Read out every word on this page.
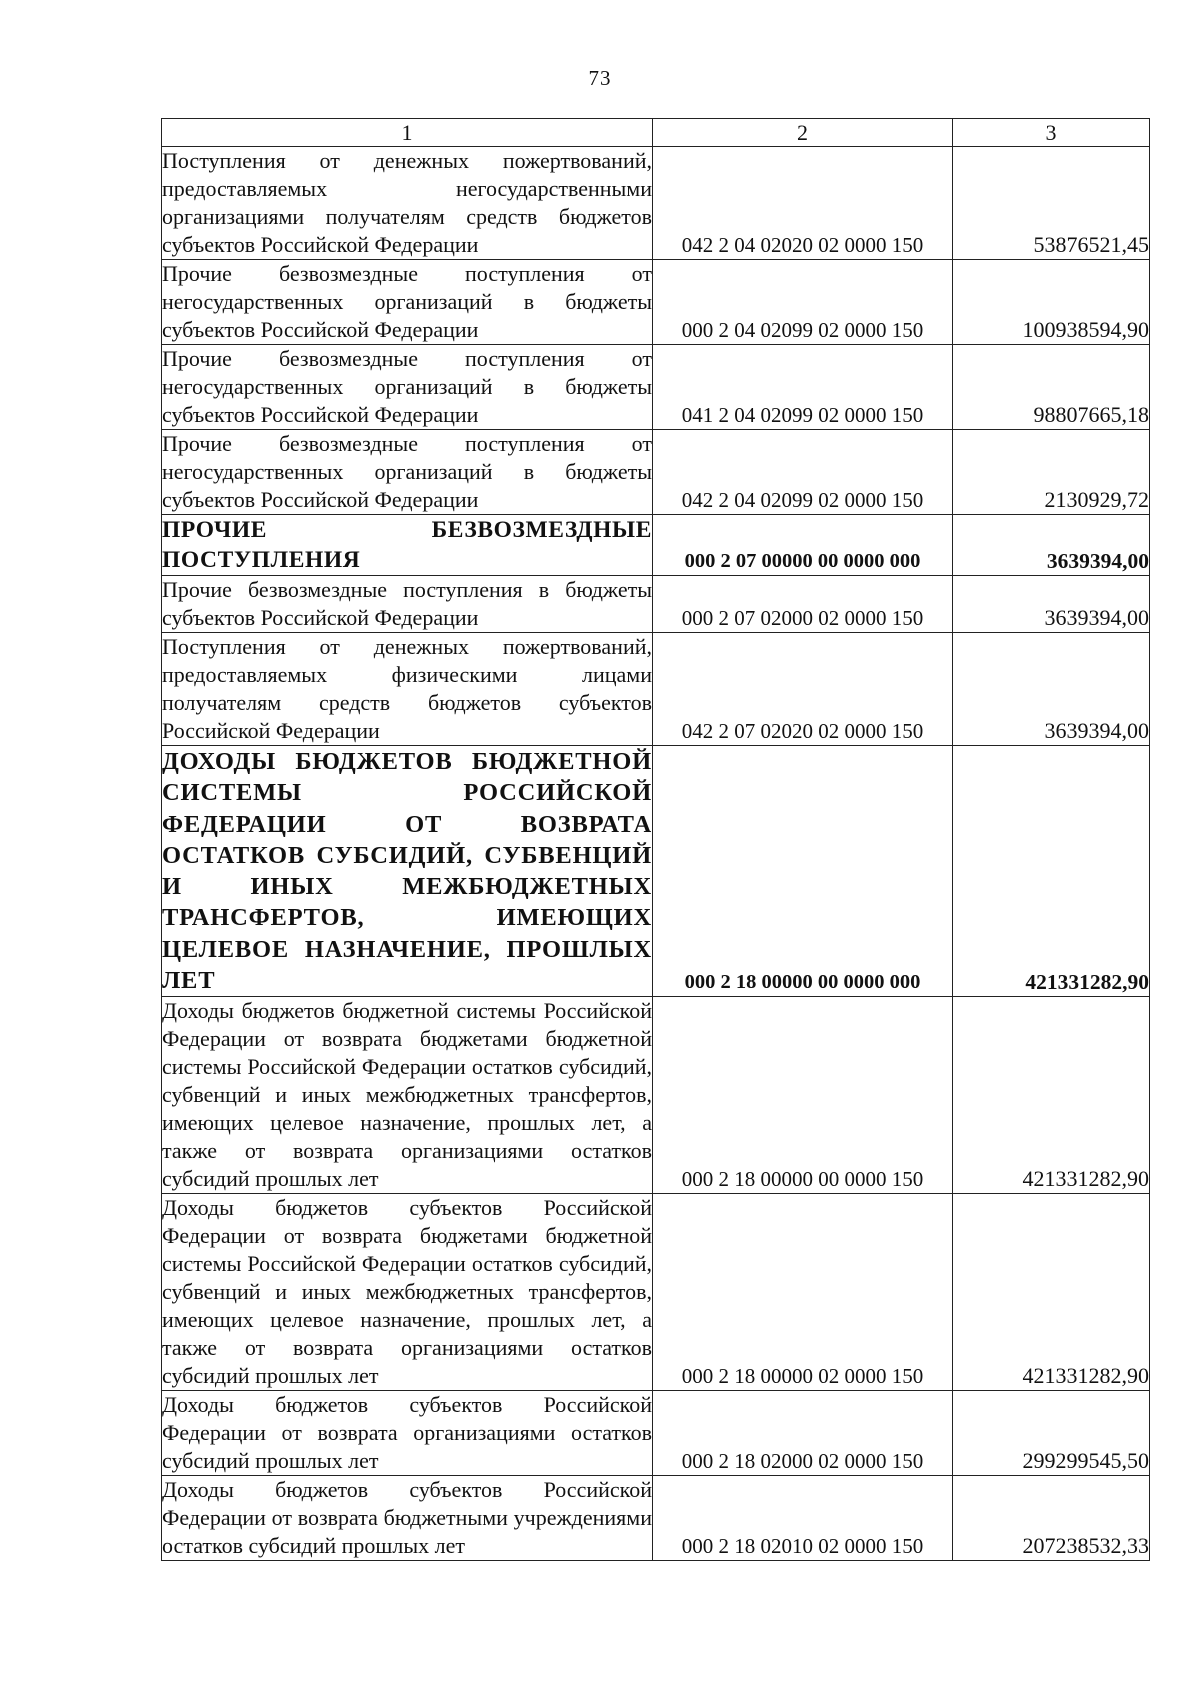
73
1	2	3
Поступления от денежных пожертвований, предоставляемых негосударственными организациями получателям средств бюджетов субъектов Российской Федерации	042 2 04 02020 02 0000 150	53876521,45
Прочие безвозмездные поступления от негосударственных организаций в бюджеты субъектов Российской Федерации	000 2 04 02099 02 0000 150	100938594,90
Прочие безвозмездные поступления от негосударственных организаций в бюджеты субъектов Российской Федерации	041 2 04 02099 02 0000 150	98807665,18
Прочие безвозмездные поступления от негосударственных организаций в бюджеты субъектов Российской Федерации	042 2 04 02099 02 0000 150	2130929,72
ПРОЧИЕ БЕЗВОЗМЕЗДНЫЕ ПОСТУПЛЕНИЯ	000 2 07 00000 00 0000 000	3639394,00
Прочие безвозмездные поступления в бюджеты субъектов Российской Федерации	000 2 07 02000 02 0000 150	3639394,00
Поступления от денежных пожертвований, предоставляемых физическими лицами получателям средств бюджетов субъектов Российской Федерации	042 2 07 02020 02 0000 150	3639394,00
ДОХОДЫ БЮДЖЕТОВ БЮДЖЕТНОЙ СИСТЕМЫ РОССИЙСКОЙ ФЕДЕРАЦИИ ОТ ВОЗВРАТА ОСТАТКОВ СУБСИДИЙ, СУБВЕНЦИЙ И ИНЫХ МЕЖБЮДЖЕТНЫХ ТРАНСФЕРТОВ, ИМЕЮЩИХ ЦЕЛЕВОЕ НАЗНАЧЕНИЕ, ПРОШЛЫХ ЛЕТ	000 2 18 00000 00 0000 000	421331282,90
Доходы бюджетов бюджетной системы Российской Федерации от возврата бюджетами бюджетной системы Российской Федерации остатков субсидий, субвенций и иных межбюджетных трансфертов, имеющих целевое назначение, прошлых лет, а также от возврата организациями остатков субсидий прошлых лет	000 2 18 00000 00 0000 150	421331282,90
Доходы бюджетов субъектов Российской Федерации от возврата бюджетами бюджетной системы Российской Федерации остатков субсидий, субвенций и иных межбюджетных трансфертов, имеющих целевое назначение, прошлых лет, а также от возврата организациями остатков субсидий прошлых лет	000 2 18 00000 02 0000 150	421331282,90
Доходы бюджетов субъектов Российской Федерации от возврата организациями остатков субсидий прошлых лет	000 2 18 02000 02 0000 150	299299545,50
Доходы бюджетов субъектов Российской Федерации от возврата бюджетными учреждениями остатков субсидий прошлых лет	000 2 18 02010 02 0000 150	207238532,33
